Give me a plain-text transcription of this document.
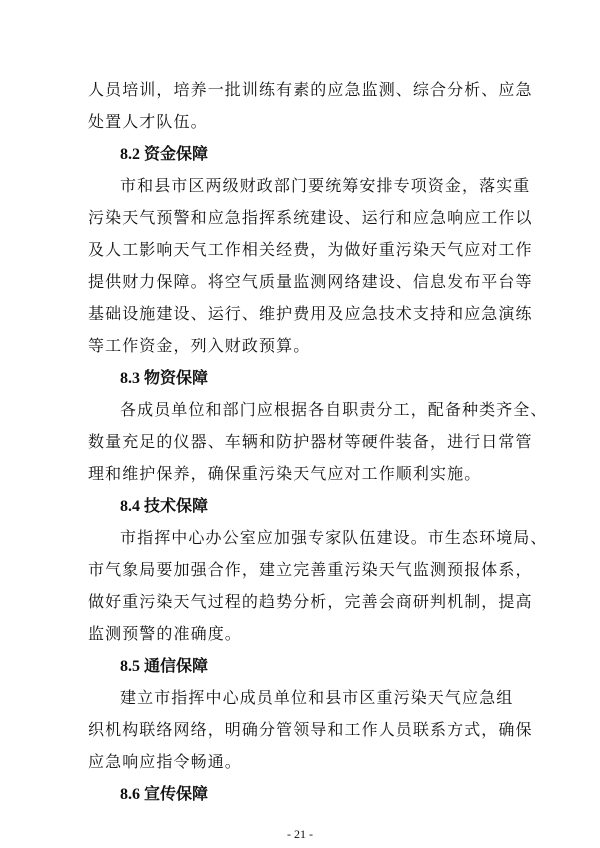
人员培训，培养一批训练有素的应急监测、综合分析、应急
处置人才队伍。
8.2 资金保障
市和县市区两级财政部门要统筹安排专项资金，落实重
污染天气预警和应急指挥系统建设、运行和应急响应工作以
及人工影响天气工作相关经费，为做好重污染天气应对工作
提供财力保障。将空气质量监测网络建设、信息发布平台等
基础设施建设、运行、维护费用及应急技术支持和应急演练
等工作资金，列入财政预算。
8.3 物资保障
各成员单位和部门应根据各自职责分工，配备种类齐全、
数量充足的仪器、车辆和防护器材等硬件装备，进行日常管
理和维护保养，确保重污染天气应对工作顺利实施。
8.4 技术保障
市指挥中心办公室应加强专家队伍建设。市生态环境局、
市气象局要加强合作，建立完善重污染天气监测预报体系，
做好重污染天气过程的趋势分析，完善会商研判机制，提高
监测预警的准确度。
8.5 通信保障
建立市指挥中心成员单位和县市区重污染天气应急组
织机构联络网络，明确分管领导和工作人员联系方式，确保
应急响应指令畅通。
8.6 宣传保障
- 21 -
